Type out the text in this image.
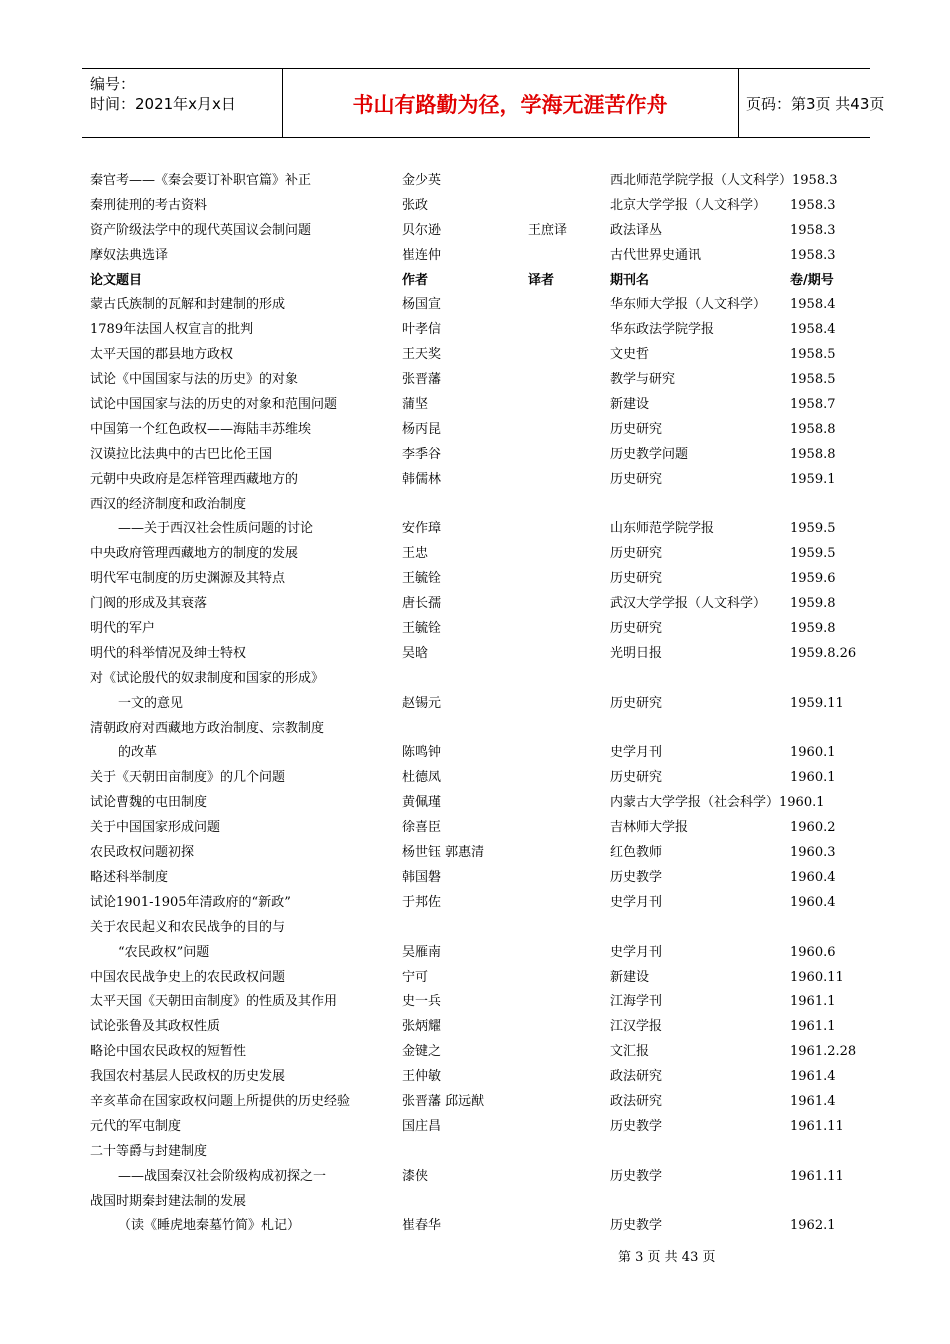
编号：
时间：2021年x月x日	书山有路勤为径，学海无涯苦作舟	页码：第3页 共43页
秦官考——《秦会要订补职官篇》补正	金少英	西北师范学院学报（人文科学）1958.3
秦刑徒刑的考古资料	张政	北京大学学报（人文科学） 1958.3
资产阶级法学中的现代英国议会制问题	贝尔逊	王庶译	政法译丛	1958.3
摩奴法典选译	崔连仲	古代世界史通讯	1958.3
论文题目	作者	译者	期刊名	卷/期号
蒙古氏族制的瓦解和封建制的形成	杨国宣	华东师大学报（人文科学） 1958.4
1789年法国人权宣言的批判	叶孝信	华东政法学院学报	1958.4
太平天国的郡县地方政权	王天奖	文史哲	1958.5
试论《中国国家与法的历史》的对象	张晋藩	教学与研究	1958.5
试论中国国家与法的历史的对象和范围问题	蒲坚	新建设	1958.7
中国第一个红色政权——海陆丰苏维埃	杨丙昆	历史研究	1958.8
汉谟拉比法典中的古巴比伦王国	李季谷	历史教学问题	1958.8
元朝中央政府是怎样管理西藏地方的	韩儒林	历史研究	1959.1
西汉的经济制度和政治制度
——关于西汉社会性质问题的讨论	安作璋	山东师范学院学报	1959.5
中央政府管理西藏地方的制度的发展	王忠	历史研究	1959.5
明代军屯制度的历史渊源及其特点	王毓铨	历史研究	1959.6
门阀的形成及其衰落	唐长孺	武汉大学学报（人文科学） 1959.8
明代的军户	王毓铨	历史研究	1959.8
明代的科举情况及绅士特权	吴晗	光明日报	1959.8.26
对《试论殷代的奴隶制度和国家的形成》
一文的意见	赵锡元	历史研究	1959.11
清朝政府对西藏地方政治制度、宗教制度
的改革	陈鸣钟	史学月刊	1960.1
关于《天朝田亩制度》的几个问题	杜德凤	历史研究	1960.1
试论曹魏的屯田制度	黄佩瑾	内蒙古大学学报（社会科学）1960.1
关于中国国家形成问题	徐喜臣	吉林师大学报	1960.2
农民政权问题初探	杨世钰 郭惠清	红色教师	1960.3
略述科举制度	韩国磐	历史教学	1960.4
试论1901-1905年清政府的“新政”	于邦佐	史学月刊	1960.4
关于农民起义和农民战争的目的与
“农民政权”问题	吴雁南	史学月刊	1960.6
中国农民战争史上的农民政权问题	宁可	新建设	1960.11
太平天国《天朝田亩制度》的性质及其作用	史一兵	江海学刊	1961.1
试论张鲁及其政权性质	张炳耀	江汉学报	1961.1
略论中国农民政权的短暂性	金键之	文汇报	1961.2.28
我国农村基层人民政权的历史发展	王仲敏	政法研究	1961.4
辛亥革命在国家政权问题上所提供的历史经验	张晋藩 邱远猷	政法研究	1961.4
元代的军屯制度	国庄昌	历史教学	1961.11
二十等爵与封建制度
——战国秦汉社会阶级构成初探之一	漆侠	历史教学	1961.11
战国时期秦封建法制的发展
（读《睡虎地秦墓竹简》札记）	崔春华	历史教学	1962.1
第 3 页 共 43 页
